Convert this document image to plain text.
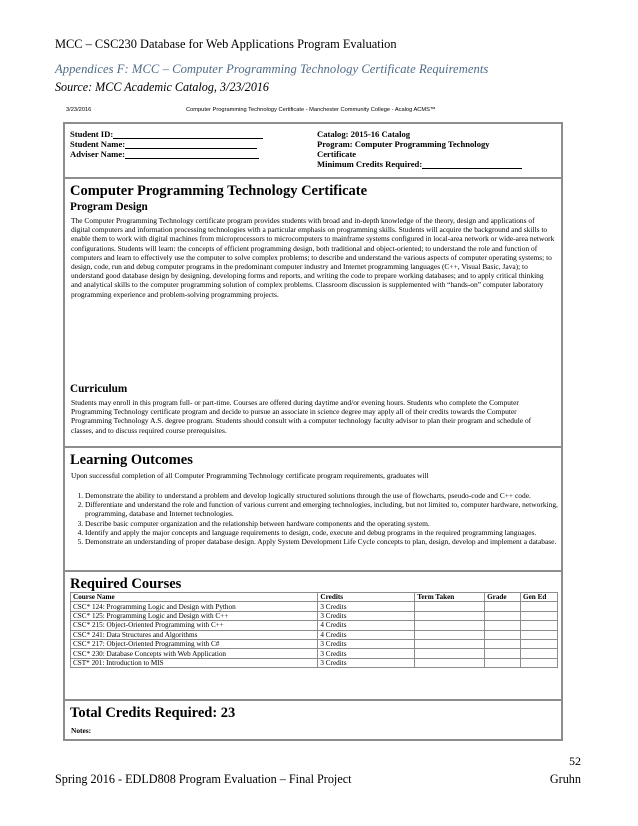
MCC – CSC230 Database for Web Applications Program Evaluation
Appendices F: MCC – Computer Programming Technology Certificate Requirements
Source: MCC Academic Catalog, 3/23/2016
3/23/2016	Computer Programming Technology Certificate - Manchester Community College - Acalog ACMS™
Student ID:
Student Name:
Adviser Name:
Catalog: 2015-16 Catalog
Program: Computer Programming Technology
Certificate
Minimum Credits Required:
Computer Programming Technology Certificate
Program Design
The Computer Programming Technology certificate program provides students with broad and in-depth knowledge of the theory, design and applications of digital computers and information processing technologies with a particular emphasis on programming skills. Students will acquire the background and skills to enable them to work with digital machines from microprocessors to microcomputers to mainframe systems configured in local-area network or wide-area network configurations. Students will learn: the concepts of efficient programming design, both traditional and object-oriented; to understand the role and function of computers and learn to effectively use the computer to solve complex problems; to describe and understand the various aspects of computer operating systems; to design, code, run and debug computer programs in the predominant computer industry and Internet programming languages (C++, Visual Basic, Java); to understand good database design by designing, developing forms and reports, and writing the code to prepare working databases; and to apply critical thinking and analytical skills to the computer programming solution of complex problems. Classroom discussion is supplemented with “hands-on” computer laboratory programming experience and problem-solving programming projects.
Curriculum
Students may enroll in this program full- or part-time. Courses are offered during daytime and/or evening hours. Students who complete the Computer Programming Technology certificate program and decide to pursue an associate in science degree may apply all of their credits towards the Computer Programming Technology A.S. degree program. Students should consult with a computer technology faculty advisor to plan their program and schedule of classes, and to discuss required course prerequisites.
Learning Outcomes
Upon successful completion of all Computer Programming Technology certificate program requirements, graduates will
1. Demonstrate the ability to understand a problem and develop logically structured solutions through the use of flowcharts, pseudo-code and C++ code.
2. Differentiate and understand the role and function of various current and emerging technologies, including, but not limited to, computer hardware, networking, programming, database and Internet technologies.
3. Describe basic computer organization and the relationship between hardware components and the operating system.
4. Identify and apply the major concepts and language requirements to design, code, execute and debug programs in the required programming languages.
5. Demonstrate an understanding of proper database design. Apply System Development Life Cycle concepts to plan, design, develop and implement a database.
Required Courses
Course Name	Credits	Term Taken	Grade	Gen Ed
CSC* 124: Programming Logic and Design with Python	3 Credits			
CSC* 125: Programming Logic and Design with C++	3 Credits			
CSC* 215: Object-Oriented Programming with C++	4 Credits			
CSC* 241: Data Structures and Algorithms	4 Credits			
CSC* 217: Object-Oriented Programming with C#	3 Credits			
CSC* 230: Database Concepts with Web Application	3 Credits			
CST* 201: Introduction to MIS	3 Credits			
Total Credits Required: 23
Notes:
52
Spring 2016 - EDLD808 Program Evaluation – Final Project	Gruhn
